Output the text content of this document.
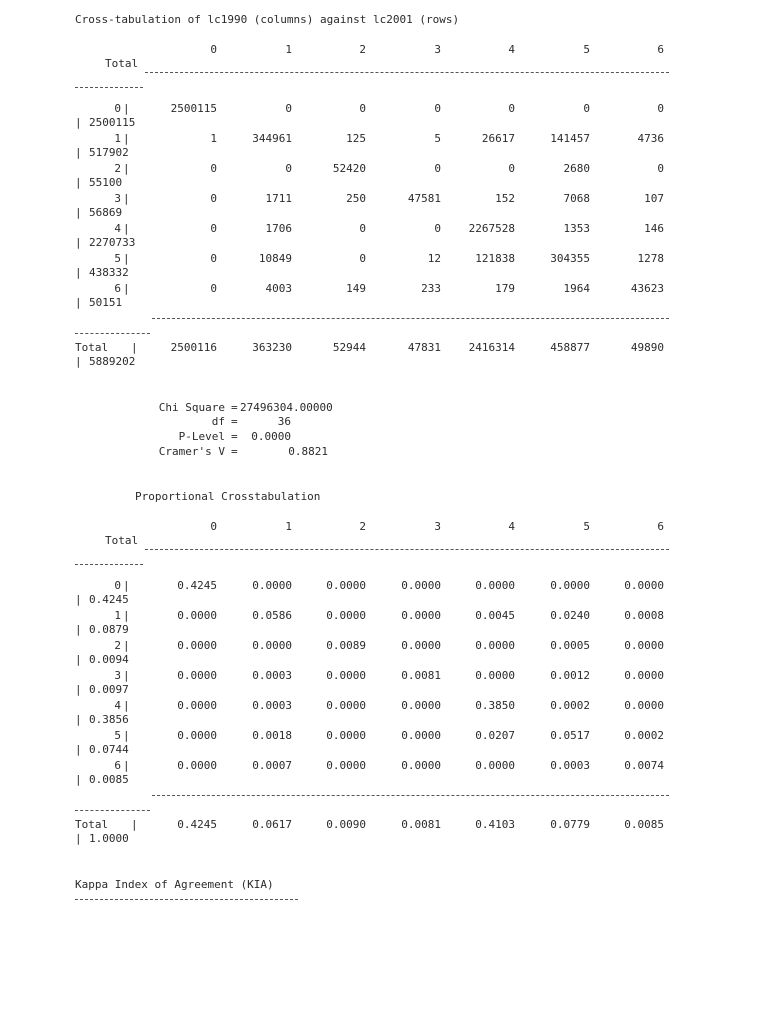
Cross-tabulation of lc1990 (columns) against lc2001 (rows)
0	1	2	3	4	5	6
Total
0 |	2500115	0	0	0	0	0	0
| 2500115
1 |	1	344961	125	5	26617	141457	4736
| 517902
2 |	0	0	52420	0	0	2680	0
| 55100
3 |	0	1711	250	47581	152	7068	107
| 56869
4 |	0	1706	0	0	2267528	1353	146
| 2270733
5 |	0	10849	0	12	121838	304355	1278
| 438332
6 |	0	4003	149	233	179	1964	43623
| 50151
Total |	2500116	363230	52944	47831	2416314	458877	49890
| 5889202
Chi Square = 27496304.00000
df =	36
P-Level =	0.0000
Cramer's V =	0.8821
Proportional Crosstabulation
0	1	2	3	4	5	6
Total
0 |	0.4245	0.0000	0.0000	0.0000	0.0000	0.0000	0.0000
| 0.4245
1 |	0.0000	0.0586	0.0000	0.0000	0.0045	0.0240	0.0008
| 0.0879
2 |	0.0000	0.0000	0.0089	0.0000	0.0000	0.0005	0.0000
| 0.0094
3 |	0.0000	0.0003	0.0000	0.0081	0.0000	0.0012	0.0000
| 0.0097
4 |	0.0000	0.0003	0.0000	0.0000	0.3850	0.0002	0.0000
| 0.3856
5 |	0.0000	0.0018	0.0000	0.0000	0.0207	0.0517	0.0002
| 0.0744
6 |	0.0000	0.0007	0.0000	0.0000	0.0000	0.0003	0.0074
| 0.0085
Total |	0.4245	0.0617	0.0090	0.0081	0.4103	0.0779	0.0085
| 1.0000
Kappa Index of Agreement (KIA)
